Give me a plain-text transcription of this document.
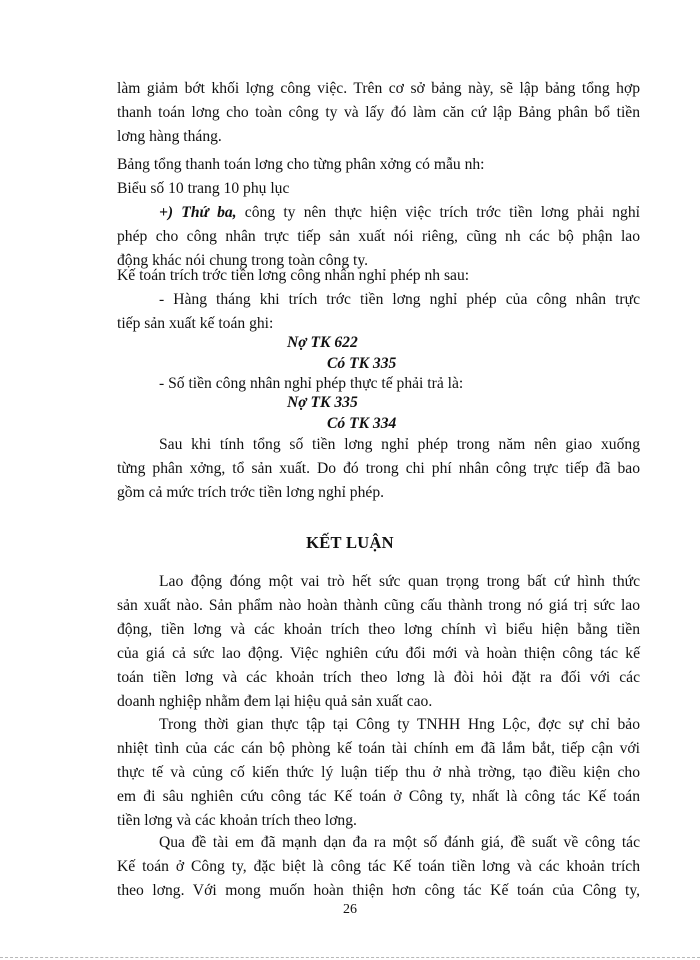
làm giảm bớt khối lợng công việc. Trên cơ sở bảng này, sẽ lập bảng tổng hợp
thanh toán lơng cho toàn công ty và lấy đó làm căn cứ lập Bảng phân bổ tiền
lơng hàng tháng.
Bảng tổng thanh toán lơng cho từng phân xởng có mẫu nh:
Biểu số 10 trang 10 phụ lục
+) Thứ ba, công ty nên thực hiện việc trích trớc tiền lơng phải nghỉ
phép cho công nhân trực tiếp sản xuất nói riêng, cũng nh các bộ phận lao
động khác nói chung trong toàn công ty.
Kế toán trích trớc tiền lơng công nhân nghỉ phép nh sau:
- Hàng tháng khi trích trớc tiền lơng nghỉ phép của công nhân trực
tiếp sản xuất kế toán ghi:
Nợ TK 622
Có TK 335
- Số tiền công nhân nghỉ phép thực tế phải trả là:
Nợ TK 335
Có TK 334
Sau khi tính tổng số tiền lơng nghỉ phép trong năm nên giao xuống
từng phân xởng, tổ sản xuất. Do đó trong chi phí nhân công trực tiếp đã bao
gồm cả mức trích trớc tiền lơng nghỉ phép.
KẾT LUẬN
Lao động đóng một vai trò hết sức quan trọng trong bất cứ hình thức
sản xuất nào. Sản phẩm nào hoàn thành cũng cấu thành trong nó giá trị sức lao
động, tiền lơng và các khoản trích theo lơng chính vì biểu hiện bằng tiền
của giá cả sức lao động. Việc nghiên cứu đổi mới và hoàn thiện công tác kế
toán tiền lơng và các khoản trích theo lơng là đòi hỏi đặt ra đối với các
doanh nghiệp nhằm đem lại hiệu quả sản xuất cao.
Trong thời gian thực tập tại Công ty TNHH Hng Lộc, đợc sự chỉ bảo
nhiệt tình của các cán bộ phòng kế toán tài chính em đã lắm bắt, tiếp cận với
thực tế và củng cố kiến thức lý luận tiếp thu ở nhà trờng, tạo điều kiện cho
em đi sâu nghiên cứu công tác Kế toán ở Công ty, nhất là công tác Kế toán
tiền lơng và các khoản trích theo lơng.
Qua đề tài em đã mạnh dạn đa ra một số đánh giá, đề suất về công tác
Kế toán ở Công ty, đặc biệt là công tác Kế toán tiền lơng và các khoản trích
theo lơng. Với mong muốn hoàn thiện hơn công tác Kế toán của Công ty,
26
